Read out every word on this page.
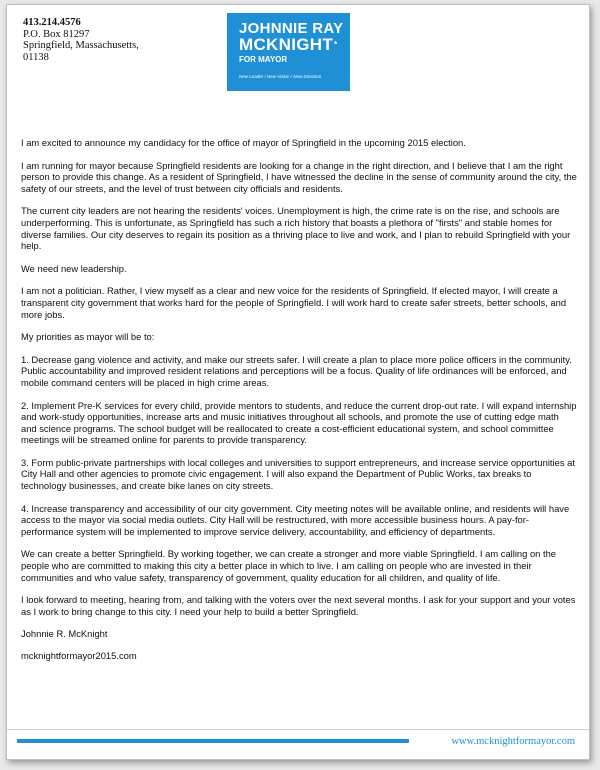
413.214.4576
P.O. Box 81297
Springfield, Massachusetts,
01138
JOHNNIE RAY
MCKNIGHT*
FOR MAYOR
New Leader / New Vision / New Direction

I am excited to announce my candidacy for the office of mayor of Springfield in the upcoming 2015 election.

I am running for mayor because Springfield residents are looking for a change in the right direction, and I believe that I am the right person to provide this change. As a resident of Springfield, I have witnessed the decline in the sense of community around the city, the safety of our streets, and the level of trust between city officials and residents.

The current city leaders are not hearing the residents' voices. Unemployment is high, the crime rate is on the rise, and schools are underperforming. This is unfortunate, as Springfield has such a rich history that boasts a plethora of "firsts" and stable homes for diverse families. Our city deserves to regain its position as a thriving place to live and work, and I plan to rebuild Springfield with your help.

We need new leadership.

I am not a politician. Rather, I view myself as a clear and new voice for the residents of Springfield. If elected mayor, I will create a transparent city government that works hard for the people of Springfield. I will work hard to create safer streets, better schools, and more jobs.

My priorities as mayor will be to:

1. Decrease gang violence and activity, and make our streets safer. I will create a plan to place more police officers in the community. Public accountability and improved resident relations and perceptions will be a focus. Quality of life ordinances will be enforced, and mobile command centers will be placed in high crime areas.

2. Implement Pre-K services for every child, provide mentors to students, and reduce the current drop-out rate. I will expand internship and work-study opportunities, increase arts and music initiatives throughout all schools, and promote the use of cutting edge math and science programs. The school budget will be reallocated to create a cost-efficient educational system, and school committee meetings will be streamed online for parents to provide transparency.

3. Form public-private partnerships with local colleges and universities to support entrepreneurs, and increase service opportunities at City Hall and other agencies to promote civic engagement. I will also expand the Department of Public Works, tax breaks to technology businesses, and create bike lanes on city streets.

4. Increase transparency and accessibility of our city government. City meeting notes will be available online, and residents will have access to the mayor via social media outlets. City Hall will be restructured, with more accessible business hours. A pay-for-performance system will be implemented to improve service delivery, accountability, and efficiency of departments.

We can create a better Springfield. By working together, we can create a stronger and more viable Springfield. I am calling on the people who are committed to making this city a better place in which to live. I am calling on people who are invested in their communities and who value safety, transparency of government, quality education for all children, and quality of life.

I look forward to meeting, hearing from, and talking with the voters over the next several months. I ask for your support and your votes as I work to bring change to this city. I need your help to build a better Springfield.

Johnnie R. McKnight

mcknightformayor2015.com

www.mcknightformayor.com
